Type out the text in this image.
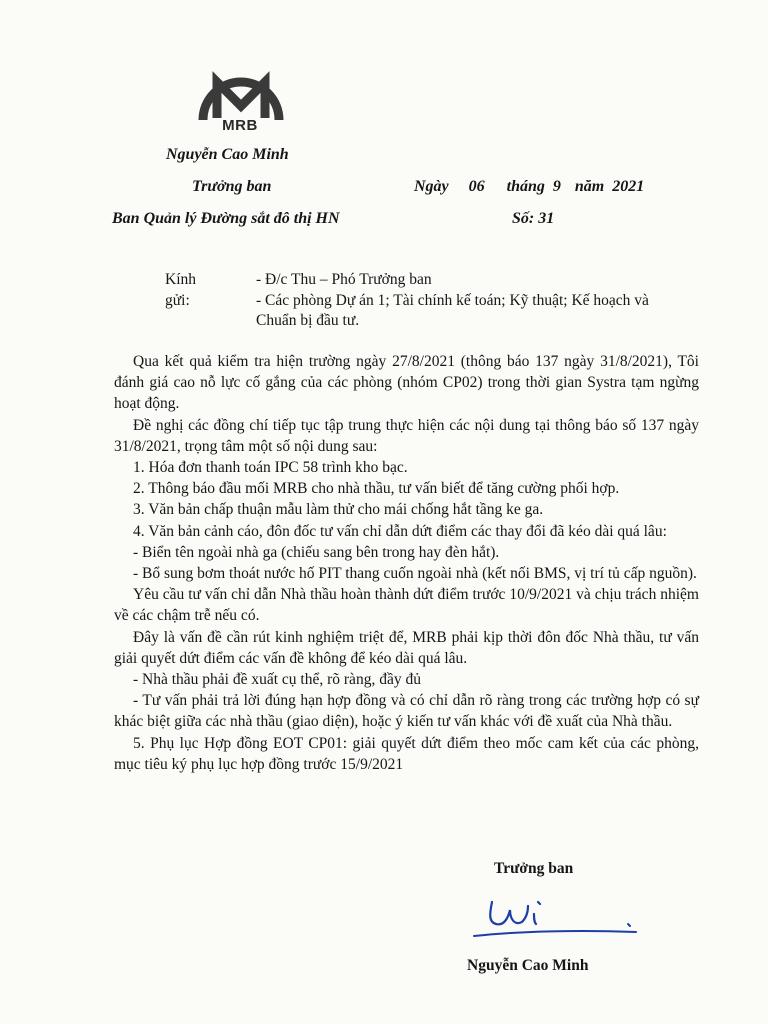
MRB
Nguyễn Cao Minh
Trưởng ban
Ban Quản lý Đường sắt đô thị HN
Ngày 06 tháng 9 năm 2021
Số: 31
Kính gửi:
- Đ/c Thu – Phó Trưởng ban
- Các phòng Dự án 1; Tài chính kế toán; Kỹ thuật; Kế hoạch và Chuẩn bị đầu tư.

Qua kết quả kiểm tra hiện trường ngày 27/8/2021 (thông báo 137 ngày 31/8/2021), Tôi đánh giá cao nỗ lực cố gắng của các phòng (nhóm CP02) trong thời gian Systra tạm ngừng hoạt động.

Đề nghị các đồng chí tiếp tục tập trung thực hiện các nội dung tại thông báo số 137 ngày 31/8/2021, trọng tâm một số nội dung sau:

1. Hóa đơn thanh toán IPC 58 trình kho bạc.

2. Thông báo đầu mối MRB cho nhà thầu, tư vấn biết để tăng cường phối hợp.

3. Văn bản chấp thuận mẫu làm thử cho mái chống hắt tầng ke ga.

4. Văn bản cảnh cáo, đôn đốc tư vấn chỉ dẫn dứt điểm các thay đổi đã kéo dài quá lâu:

- Biển tên ngoài nhà ga (chiếu sang bên trong hay đèn hắt).

- Bổ sung bơm thoát nước hố PIT thang cuốn ngoài nhà (kết nối BMS, vị trí tủ cấp nguồn).

Yêu cầu tư vấn chỉ dẫn Nhà thầu hoàn thành dứt điểm trước 10/9/2021 và chịu trách nhiệm về các chậm trễ nếu có.

Đây là vấn đề cần rút kinh nghiệm triệt để, MRB phải kịp thời đôn đốc Nhà thầu, tư vấn giải quyết dứt điểm các vấn đề không để kéo dài quá lâu.

- Nhà thầu phải đề xuất cụ thể, rõ ràng, đầy đủ

- Tư vấn phải trả lời đúng hạn hợp đồng và có chỉ dẫn rõ ràng trong các trường hợp có sự khác biệt giữa các nhà thầu (giao diện), hoặc ý kiến tư vấn khác với đề xuất của Nhà thầu.

5. Phụ lục Hợp đồng EOT CP01: giải quyết dứt điểm theo mốc cam kết của các phòng, mục tiêu ký phụ lục hợp đồng trước 15/9/2021

Trưởng ban
Nguyễn Cao Minh
